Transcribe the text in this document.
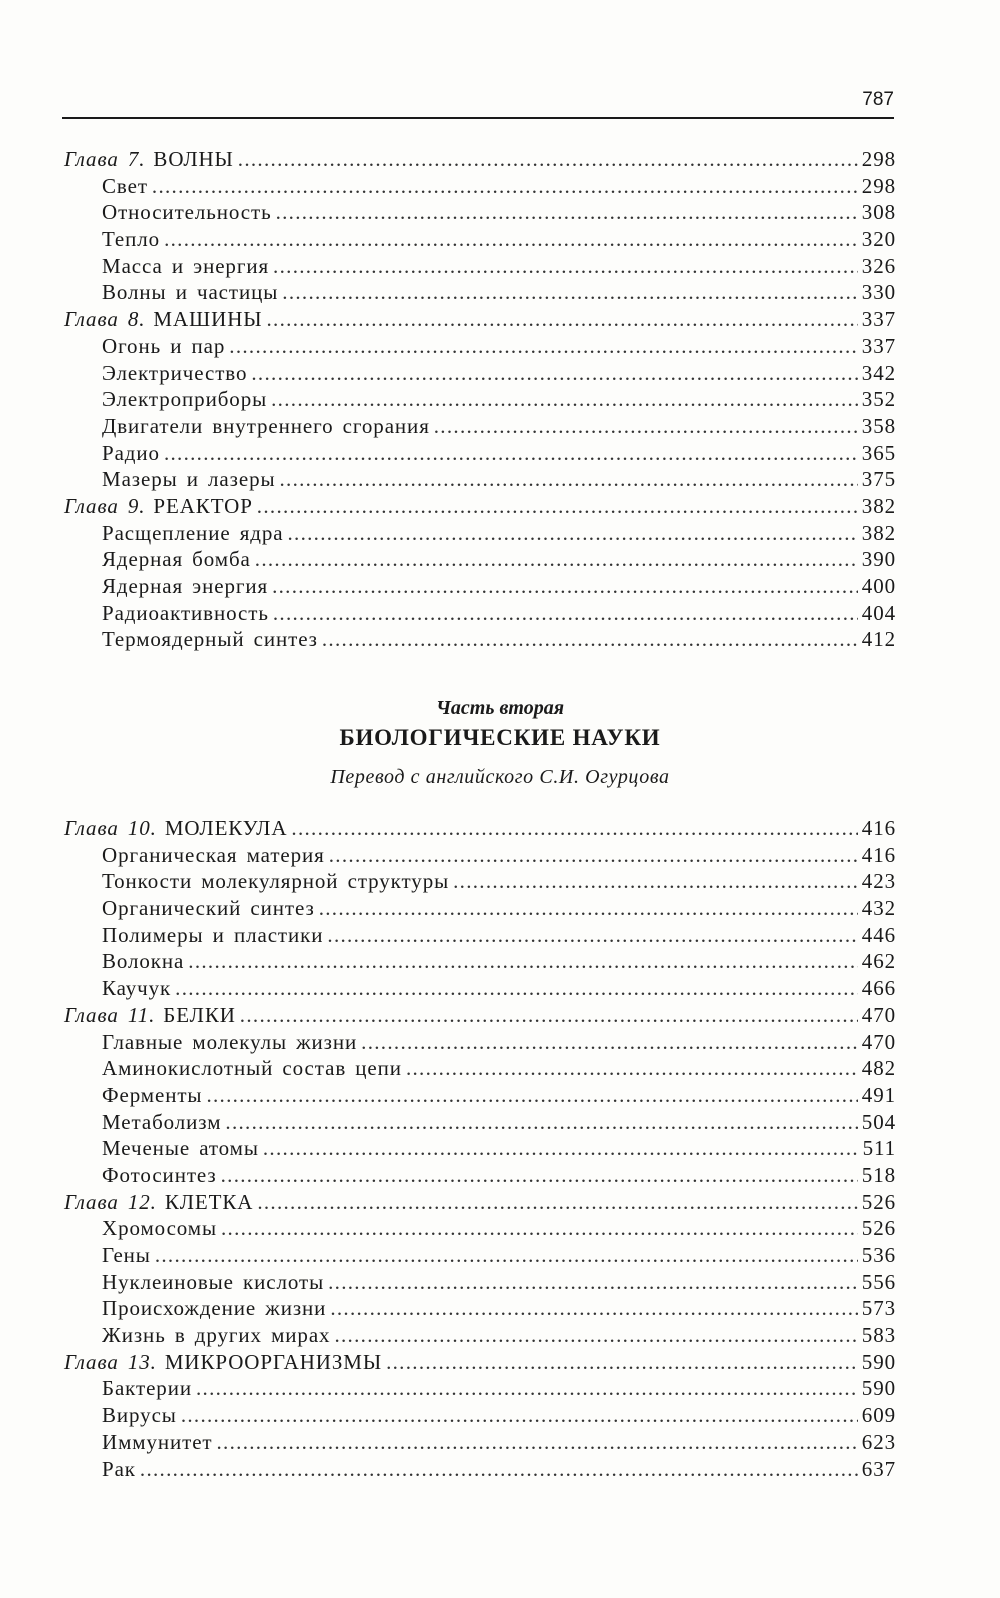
787
Глава 7. ВОЛНЫ .....	298
Свет .....	298
Относительность .....	308
Тепло .....	320
Масса и энергия .....	326
Волны и частицы .....	330
Глава 8. МАШИНЫ .....	337
Огонь и пар .....	337
Электричество .....	342
Электроприборы .....	352
Двигатели внутреннего сгорания .....	358
Радио .....	365
Мазеры и лазеры .....	375
Глава 9. РЕАКТОР .....	382
Расщепление ядра .....	382
Ядерная бомба .....	390
Ядерная энергия .....	400
Радиоактивность .....	404
Термоядерный синтез .....	412
Часть вторая
БИОЛОГИЧЕСКИЕ НАУКИ
Перевод с английского С.И. Огурцова
Глава 10. МОЛЕКУЛА .....	416
Органическая материя .....	416
Тонкости молекулярной структуры .....	423
Органический синтез .....	432
Полимеры и пластики .....	446
Волокна .....	462
Каучук .....	466
Глава 11. БЕЛКИ .....	470
Главные молекулы жизни .....	470
Аминокислотный состав цепи .....	482
Ферменты .....	491
Метаболизм .....	504
Меченые атомы .....	511
Фотосинтез .....	518
Глава 12. КЛЕТКА .....	526
Хромосомы .....	526
Гены .....	536
Нуклеиновые кислоты .....	556
Происхождение жизни .....	573
Жизнь в других мирах .....	583
Глава 13. МИКРООРГАНИЗМЫ .....	590
Бактерии .....	590
Вирусы .....	609
Иммунитет .....	623
Рак .....	637
